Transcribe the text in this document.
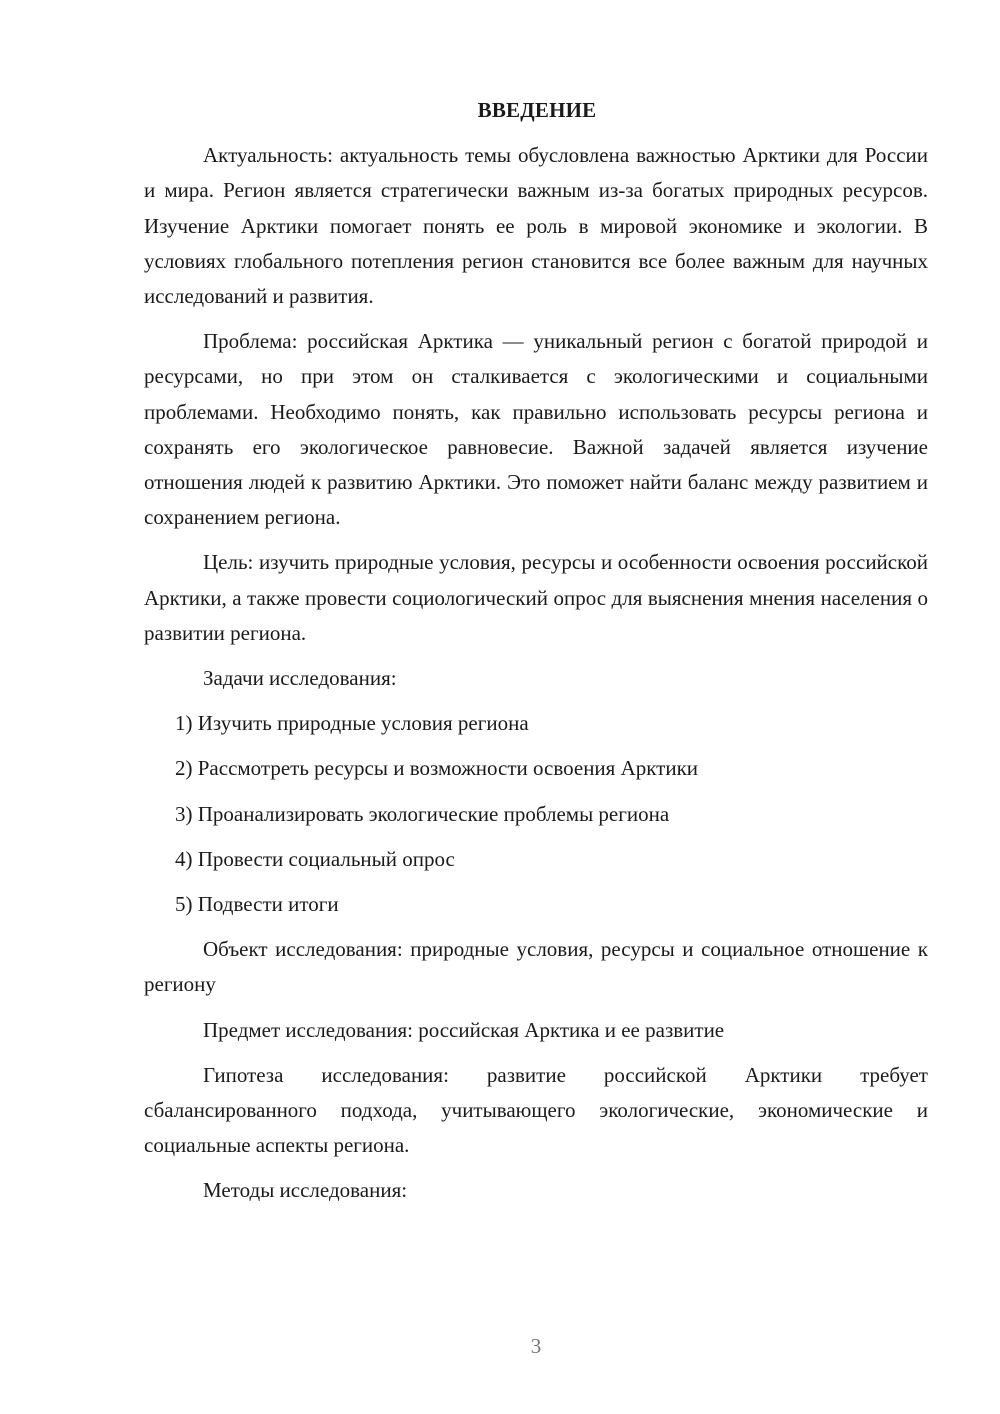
ВВЕДЕНИЕ

Актуальность: актуальность темы обусловлена важностью Арктики для России и мира. Регион является стратегически важным из-за богатых природных ресурсов. Изучение Арктики помогает понять ее роль в мировой экономике и экологии. В условиях глобального потепления регион становится все более важным для научных исследований и развития.

Проблема: российская Арктика — уникальный регион с богатой природой и ресурсами, но при этом он сталкивается с экологическими и социальными проблемами. Необходимо понять, как правильно использовать ресурсы региона и сохранять его экологическое равновесие. Важной задачей является изучение отношения людей к развитию Арктики. Это поможет найти баланс между развитием и сохранением региона.

Цель: изучить природные условия, ресурсы и особенности освоения российской Арктики, а также провести социологический опрос для выяснения мнения населения о развитии региона.

Задачи исследования:

1) Изучить природные условия региона
2) Рассмотреть ресурсы и возможности освоения Арктики
3) Проанализировать экологические проблемы региона
4) Провести социальный опрос
5) Подвести итоги

Объект исследования: природные условия, ресурсы и социальное отношение к региону

Предмет исследования: российская Арктика и ее развитие

Гипотеза исследования: развитие российской Арктики требует сбалансированного подхода, учитывающего экологические, экономические и социальные аспекты региона.

Методы исследования:

3
